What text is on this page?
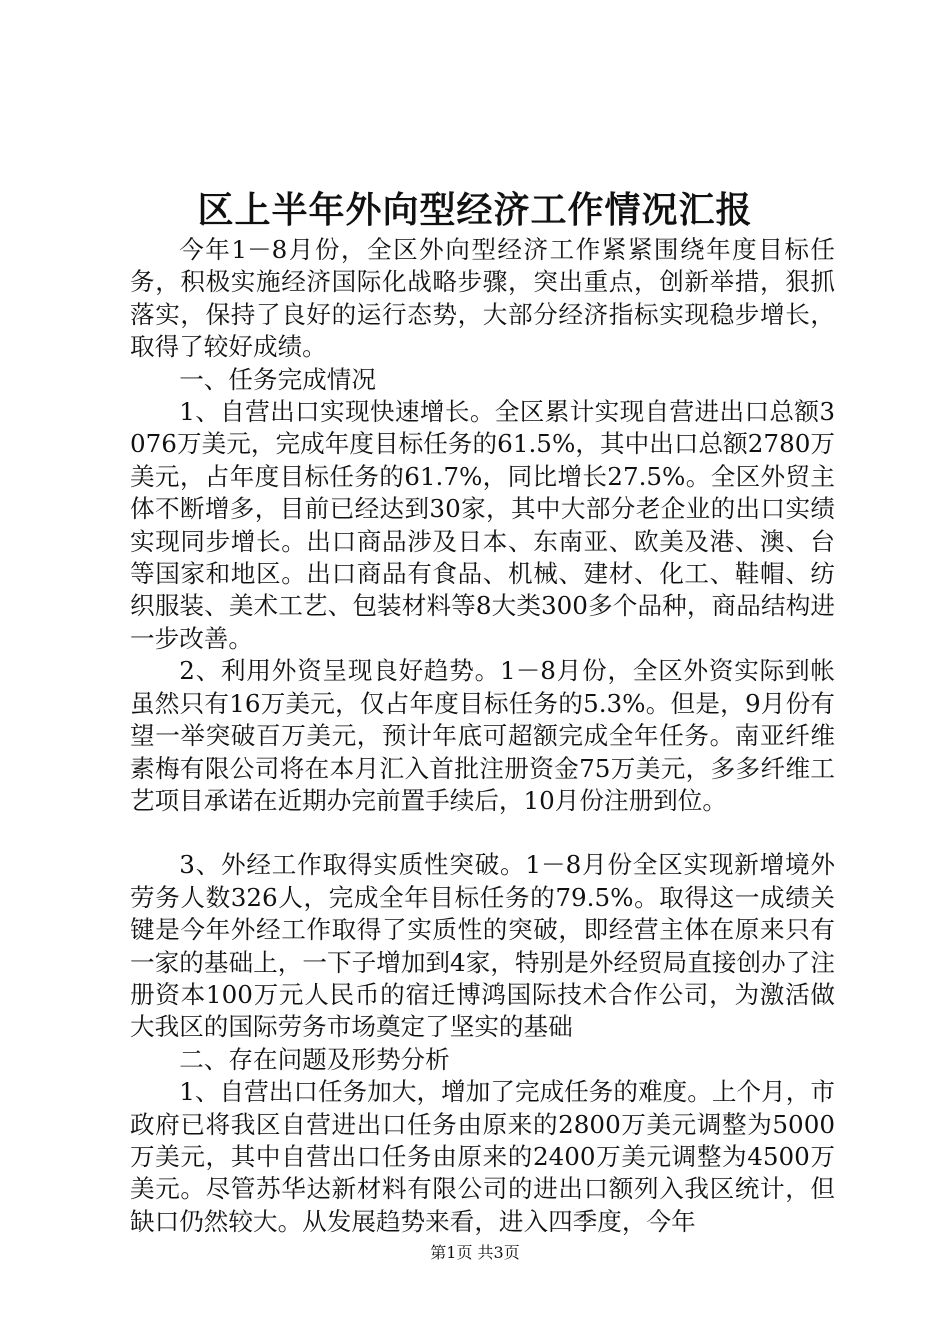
区上半年外向型经济工作情况汇报

今年1－8月份，全区外向型经济工作紧紧围绕年度目标任务，积极实施经济国际化战略步骤，突出重点，创新举措，狠抓落实，保持了良好的运行态势，大部分经济指标实现稳步增长，取得了较好成绩。

一、任务完成情况

1、自营出口实现快速增长。全区累计实现自营进出口总额3076万美元，完成年度目标任务的61.5%，其中出口总额2780万美元，占年度目标任务的61.7%，同比增长27.5%。全区外贸主体不断增多，目前已经达到30家，其中大部分老企业的出口实绩实现同步增长。出口商品涉及日本、东南亚、欧美及港、澳、台等国家和地区。出口商品有食品、机械、建材、化工、鞋帽、纺织服装、美术工艺、包装材料等8大类300多个品种，商品结构进一步改善。

2、利用外资呈现良好趋势。1－8月份，全区外资实际到帐虽然只有16万美元，仅占年度目标任务的5.3%。但是，9月份有望一举突破百万美元，预计年底可超额完成全年任务。南亚纤维素梅有限公司将在本月汇入首批注册资金75万美元，多多纤维工艺项目承诺在近期办完前置手续后，10月份注册到位。

3、外经工作取得实质性突破。1－8月份全区实现新增境外劳务人数326人，完成全年目标任务的79.5%。取得这一成绩关键是今年外经工作取得了实质性的突破，即经营主体在原来只有一家的基础上，一下子增加到4家，特别是外经贸局直接创办了注册资本100万元人民币的宿迁博鸿国际技术合作公司，为激活做大我区的国际劳务市场奠定了坚实的基础

二、存在问题及形势分析

1、自营出口任务加大，增加了完成任务的难度。上个月，市政府已将我区自营进出口任务由原来的2800万美元调整为5000万美元，其中自营出口任务由原来的2400万美元调整为4500万美元。尽管苏华达新材料有限公司的进出口额列入我区统计，但缺口仍然较大。从发展趋势来看，进入四季度，今年

第1页 共3页
